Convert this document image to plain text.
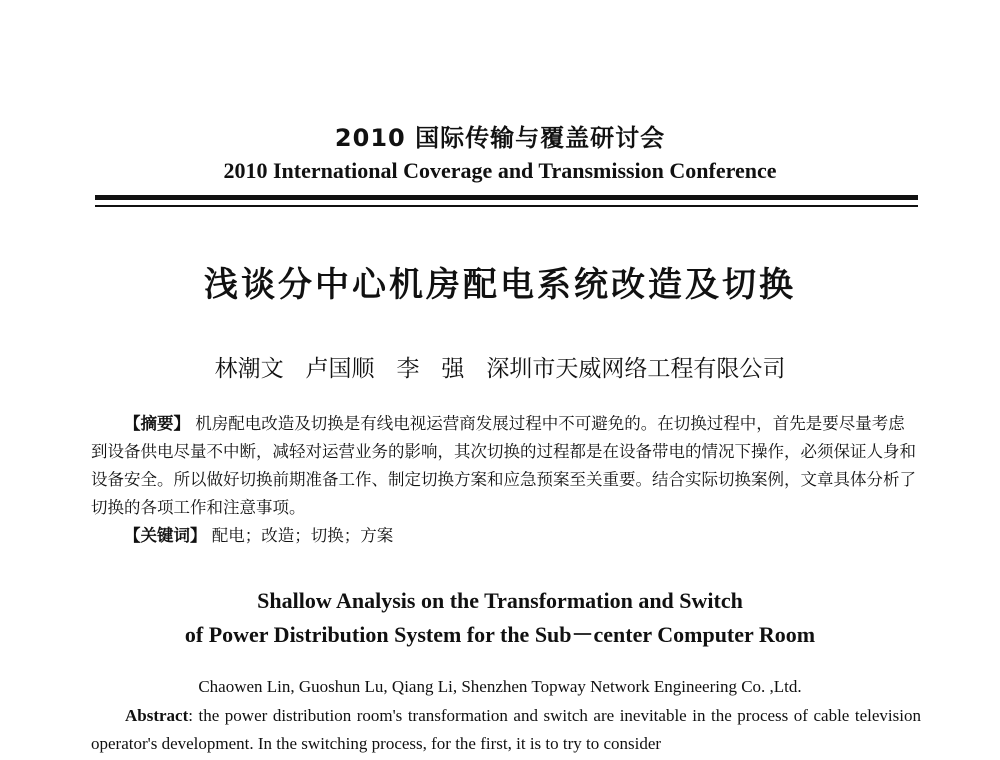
2010 国际传输与覆盖研讨会
2010 International Coverage and Transmission Conference
浅谈分中心机房配电系统改造及切换
林潮文   卢国顺   李   强   深圳市天威网络工程有限公司

【摘要】 机房配电改造及切换是有线电视运营商发展过程中不可避免的。在切换过程中，首先是要尽量考虑到设备供电尽量不中断，减轻对运营业务的影响，其次切换的过程都是在设备带电的情况下操作，必须保证人身和设备安全。所以做好切换前期准备工作、制定切换方案和应急预案至关重要。结合实际切换案例，文章具体分析了切换的各项工作和注意事项。

【关键词】 配电；改造；切换；方案

Shallow Analysis on the Transformation and Switch
of Power Distribution System for the Sub－center Computer Room
Chaowen Lin, Guoshun Lu, Qiang Li, Shenzhen Topway Network Engineering Co. ,Ltd.
Abstract: the power distribution room's transformation and switch are inevitable in the process of cable television operator's development. In the switching process, for the first, it is to try to consider
